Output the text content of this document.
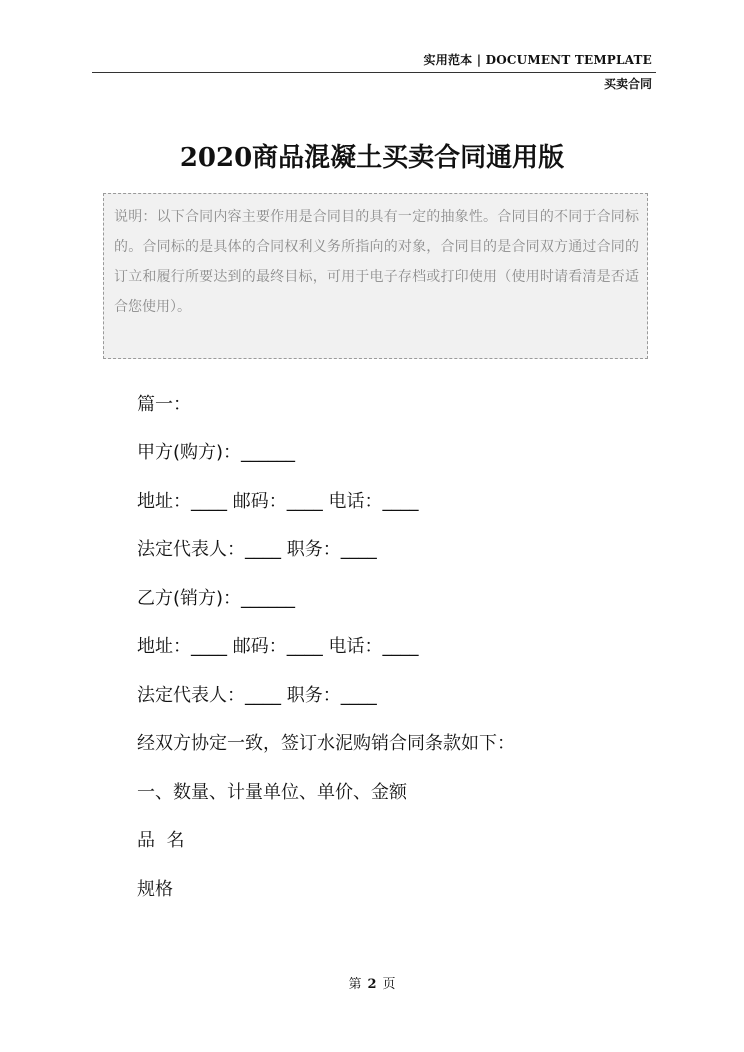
实用范本 | DOCUMENT TEMPLATE
买卖合同
2020商品混凝土买卖合同通用版
说明：以下合同内容主要作用是合同目的具有一定的抽象性。合同目的不同于合同标的。合同标的是具体的合同权利义务所指向的对象，合同目的是合同双方通过合同的订立和履行所要达到的最终目标，可用于电子存档或打印使用（使用时请看清是否适合您使用）。
篇一：
甲方(购方)：______
地址：____ 邮码：____ 电话：____
法定代表人：____ 职务：____
乙方(销方)：______
地址：____ 邮码：____ 电话：____
法定代表人：____ 职务：____
经双方协定一致，签订水泥购销合同条款如下：
一、数量、计量单位、单价、金额
品  名
规格
第 2 页
